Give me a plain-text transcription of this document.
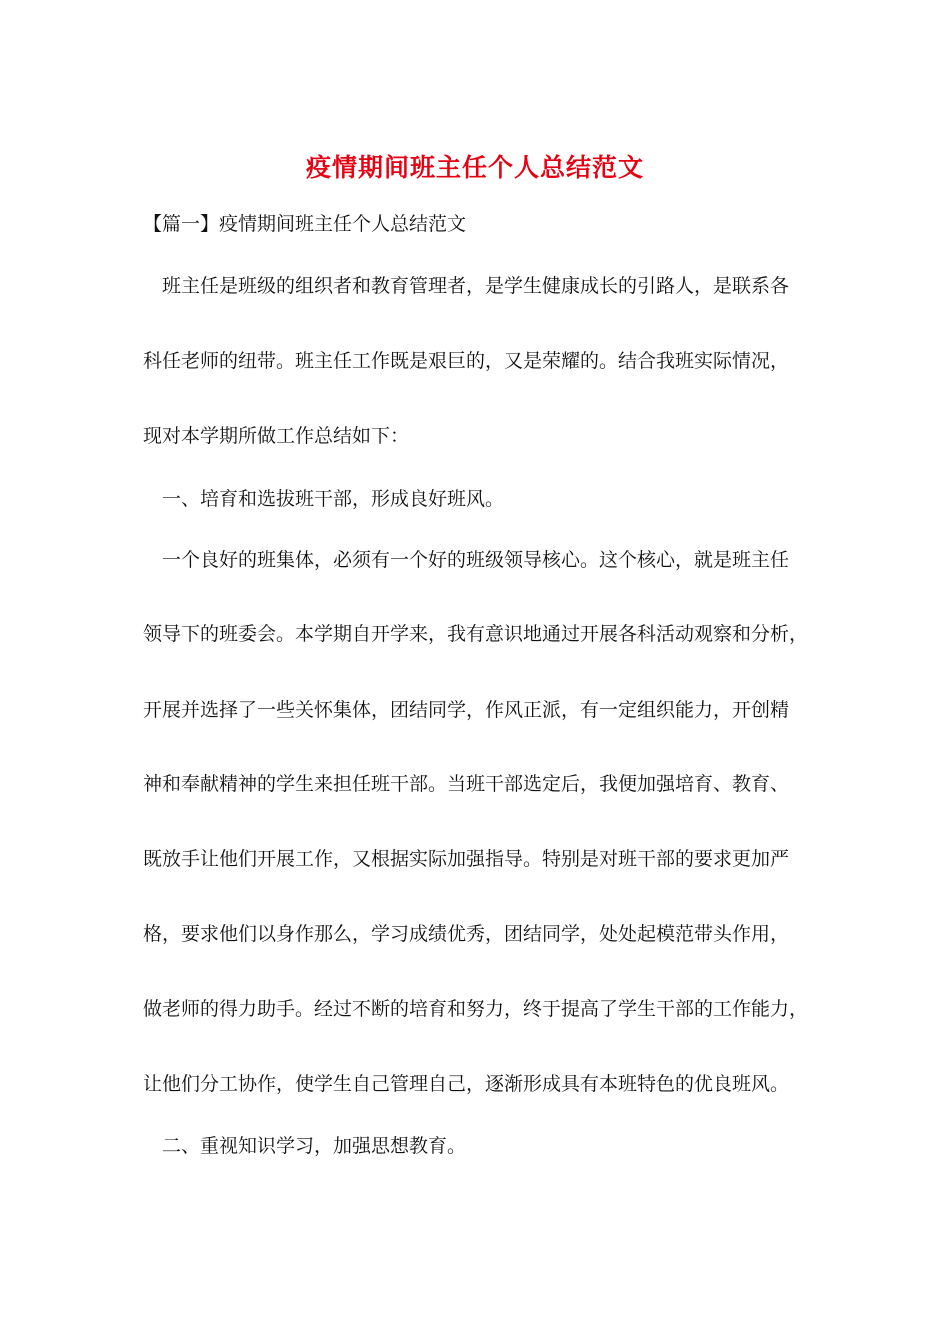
疫情期间班主任个人总结范文
【篇一】疫情期间班主任个人总结范文
　班主任是班级的组织者和教育管理者，是学生健康成长的引路人，是联系各
科任老师的纽带。班主任工作既是艰巨的，又是荣耀的。结合我班实际情况，
现对本学期所做工作总结如下：
　一、培育和选拔班干部，形成良好班风。
　一个良好的班集体，必须有一个好的班级领导核心。这个核心，就是班主任
领导下的班委会。本学期自开学来，我有意识地通过开展各科活动观察和分析，
开展并选择了一些关怀集体，团结同学，作风正派，有一定组织能力，开创精
神和奉献精神的学生来担任班干部。当班干部选定后，我便加强培育、教育、
既放手让他们开展工作，又根据实际加强指导。特别是对班干部的要求更加严
格，要求他们以身作那么，学习成绩优秀，团结同学，处处起模范带头作用，
做老师的得力助手。经过不断的培育和努力，终于提高了学生干部的工作能力，
让他们分工协作，使学生自己管理自己，逐渐形成具有本班特色的优良班风。
　二、重视知识学习，加强思想教育。
